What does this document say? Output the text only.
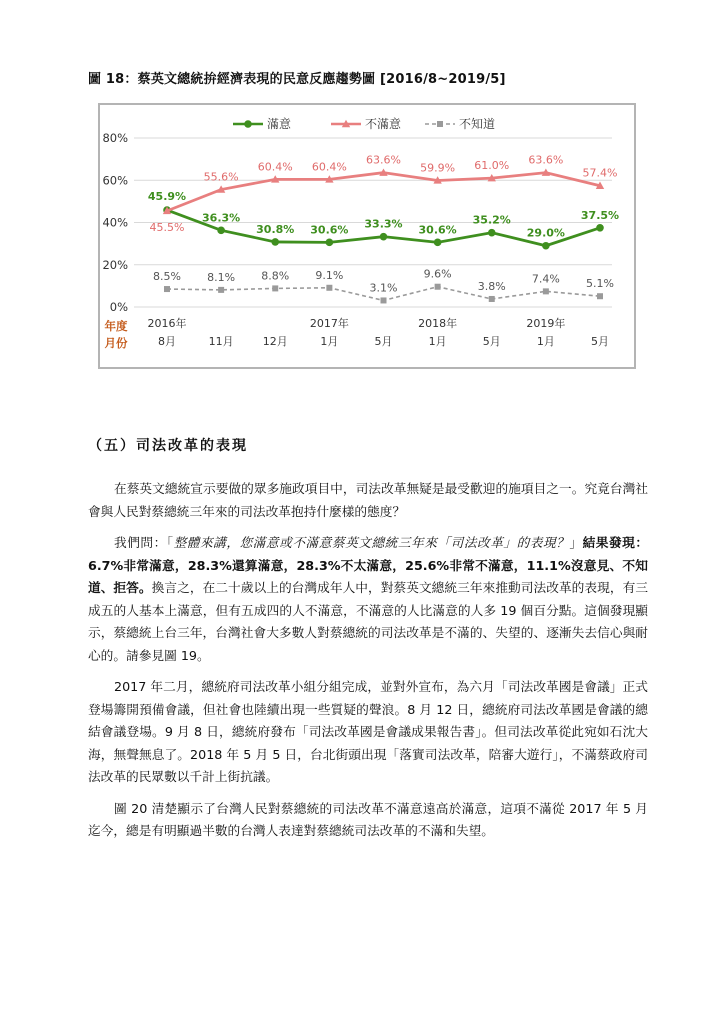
圖 18：蔡英文總統拚經濟表現的民意反應趨勢圖 [2016/8~2019/5]
0%
20%
40%
60%
80%
年度
月份
2016年
8月	11月	12月
2017年
1月	5月
2018年
1月	5月
2019年
1月	5月
滿意	不滿意	不知道
45.9%
36.3%
30.8% 30.6% 33.3% 30.6%
35.2%
29.0%
37.5%
45.5%
55.6%
60.4% 60.4%
63.6%
59.9% 61.0% 63.6%
57.4%
8.5% 8.1% 8.8% 9.1%
3.1%
9.6%
3.8%
7.4% 5.1%
（五）司法改革的表現

在蔡英文總統宣示要做的眾多施政項目中，司法改革無疑是最受歡迎的施項目之一。究竟台灣社會與人民對蔡總統三年來的司法改革抱持什麼樣的態度？

我們問：「整體來講，您滿意或不滿意蔡英文總統三年來「司法改革」的表現？」結果發現：6.7%非常滿意，28.3%還算滿意，28.3%不太滿意，25.6%非常不滿意，11.1%沒意見、不知道、拒答。換言之，在二十歲以上的台灣成年人中，對蔡英文總統三年來推動司法改革的表現，有三成五的人基本上滿意，但有五成四的人不滿意，不滿意的人比滿意的人多 19 個百分點。這個發現顯示，蔡總統上台三年，台灣社會大多數人對蔡總統的司法改革是不滿的、失望的、逐漸失去信心與耐心的。請參見圖 19。

2017 年二月，總統府司法改革小組分組完成，並對外宣布，為六月「司法改革國是會議」正式登場籌開預備會議，但社會也陸續出現一些質疑的聲浪。8 月 12 日，總統府司法改革國是會議的總結會議登場。9 月 8 日，總統府發布「司法改革國是會議成果報告書」。但司法改革從此宛如石沈大海，無聲無息了。2018 年 5 月 5 日，台北街頭出現「落實司法改革，陪審大遊行」，不滿蔡政府司法改革的民眾數以千計上街抗議。

圖 20 清楚顯示了台灣人民對蔡總統的司法改革不滿意遠高於滿意，這項不滿從 2017 年 5 月迄今，總是有明顯過半數的台灣人表達對蔡總統司法改革的不滿和失望。
